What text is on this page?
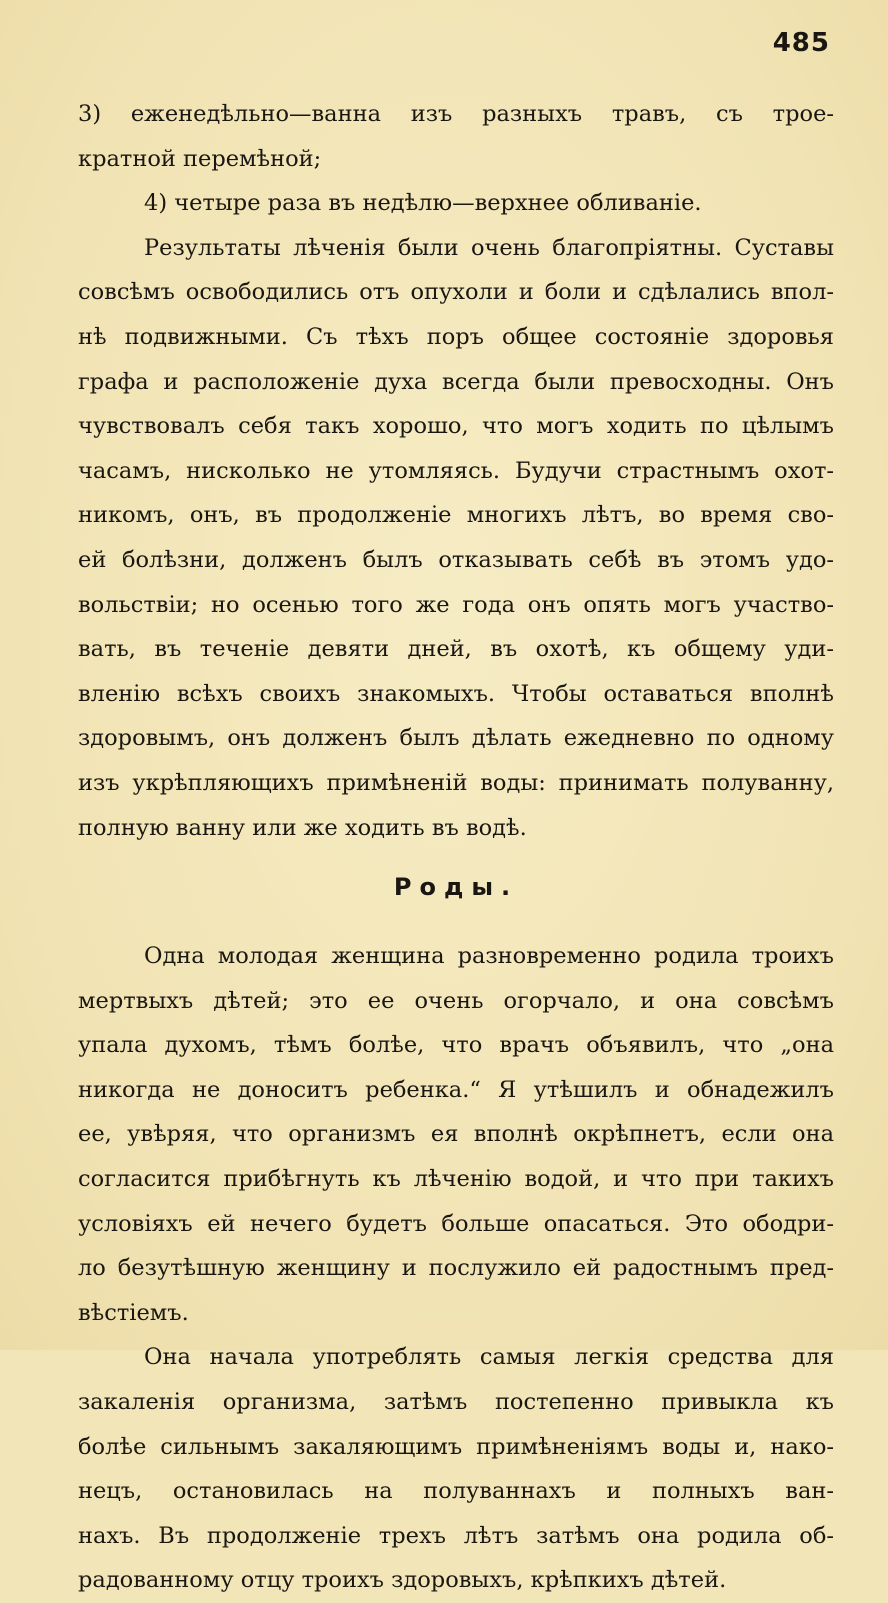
485
3) еженедѣльно—ванна изъ разныхъ травъ, съ трое-
кратной перемѣной;
4) четыре раза въ недѣлю—верхнее обливаніе.
Результаты лѣченія были очень благопріятны. Суставы
совсѣмъ освободились отъ опухоли и боли и сдѣлались впол-
нѣ подвижными. Съ тѣхъ поръ общее состояніе здоровья
графа и расположеніе духа всегда были превосходны. Онъ
чувствовалъ себя такъ хорошо, что могъ ходить по цѣлымъ
часамъ, нисколько не утомляясь. Будучи страстнымъ охот-
никомъ, онъ, въ продолженіе многихъ лѣтъ, во время сво-
ей болѣзни, долженъ былъ отказывать себѣ въ этомъ удо-
вольствіи; но осенью того же года онъ опять могъ участво-
вать, въ теченіе девяти дней, въ охотѣ, къ общему уди-
вленію всѣхъ своихъ знакомыхъ. Чтобы оставаться вполнѣ
здоровымъ, онъ долженъ былъ дѣлать ежедневно по одному
изъ укрѣпляющихъ примѣненій воды: принимать полуванну,
полную ванну или же ходить въ водѣ.
Роды.
Одна молодая женщина разновременно родила троихъ
мертвыхъ дѣтей; это ее очень огорчало, и она совсѣмъ
упала духомъ, тѣмъ болѣе, что врачъ объявилъ, что „она
никогда не доноситъ ребенка.“ Я утѣшилъ и обнадежилъ
ее, увѣряя, что организмъ ея вполнѣ окрѣпнетъ, если она
согласится прибѣгнуть къ лѣченію водой, и что при такихъ
условіяхъ ей нечего будетъ больше опасаться. Это ободри-
ло безутѣшную женщину и послужило ей радостнымъ пред-
вѣстіемъ.
Она начала употреблять самыя легкія средства для
закаленія организма, затѣмъ постепенно привыкла къ
болѣе сильнымъ закаляющимъ примѣненіямъ воды и, нако-
нецъ, остановилась на полуваннахъ и полныхъ ван-
нахъ. Въ продолженіе трехъ лѣтъ затѣмъ она родила об-
радованному отцу троихъ здоровыхъ, крѣпкихъ дѣтей.
